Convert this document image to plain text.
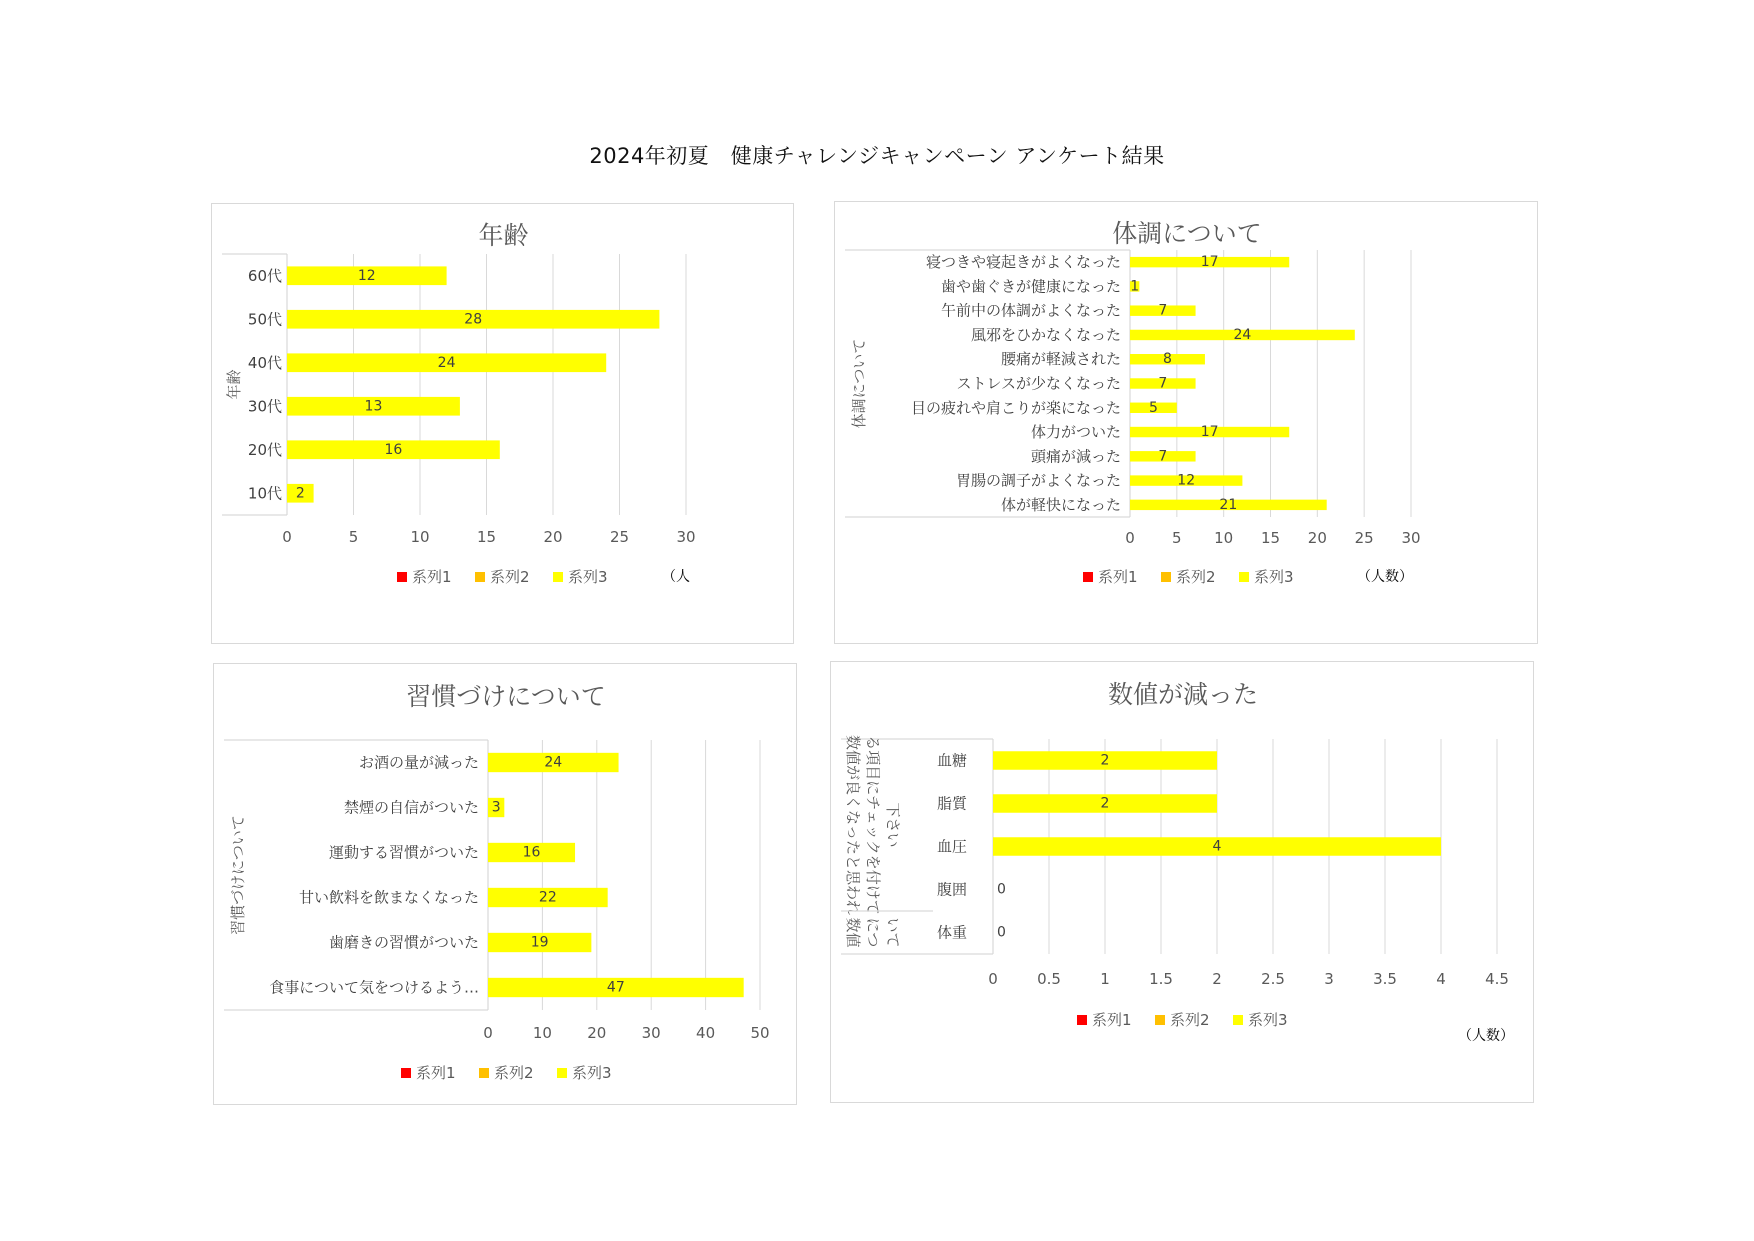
2024年初夏　健康チャレンジキャンペーン アンケート結果
年齢
0	5	10	15	20	25	30
年齢
60代	12
50代	28
40代	24
30代	13
20代	16
10代 2
系列1	系列2	系列3	（人
体調について
0 5 10 15 20 25 30
体調について
寝つきや寝起きがよくなった	17
歯や歯ぐきが健康になった 1
午前中の体調がよくなった	7
風邪をひかなくなった	24
腰痛が軽減された	8
ストレスが少なくなった	7
目の疲れや肩こりが楽になった 5
体力がついた	17
頭痛が減った	7
胃腸の調子がよくなった	12
体が軽快になった	21
系列1	系列2	系列3	（人数）
習慣づけについて
0	10 20 30 40 50
習慣づけについて
お酒の量が減った	24
禁煙の自信がついた 3
運動する習慣がついた	16
甘い飲料を飲まなくなった	22
歯磨きの習慣がついた	19
食事について気をつけるよう…	47
系列1	系列2	系列3
数値が減った
0	0.5	1	1.5	2	2.5	3	3.5	4	4.5
数値が良くなったと思われ る項目にチェックを付けて 下さい
数値 につ いて
血糖	2
脂質	2
血圧	4
腹囲 0
体重 0
系列1	系列2	系列3
（人数）
